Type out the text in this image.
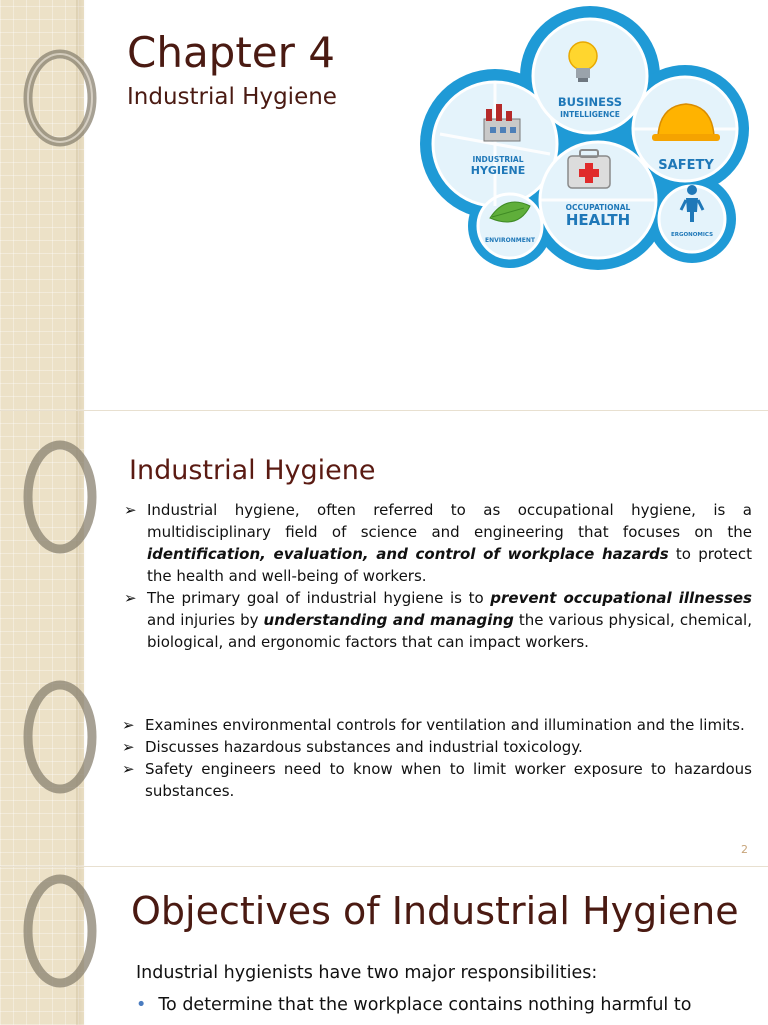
Chapter 4
Industrial Hygiene	BUSINESS
INTELLIGENCE
INDUSTRIAL
HYGIENE	SAFETY
OCCUPATIONAL
HEALTH
ENVIRONMENT
ERGONOMICS
Industrial Hygiene
➢ Industrial hygiene, often referred to as occupational hygiene, is a multidisciplinary field of science and engineering that focuses on the identification, evaluation, and control of workplace hazards to protect the health and well-being of workers.
➢ The primary goal of industrial hygiene is to prevent occupational illnesses and injuries by understanding and managing the various physical, chemical, biological, and ergonomic factors that can impact workers.
➢ Examines environmental controls for ventilation and illumination and the limits.
➢ Discusses hazardous substances and industrial toxicology.
➢ Safety engineers need to know when to limit worker exposure to hazardous substances.
2
Objectives of Industrial Hygiene
Industrial hygienists have two major responsibilities:
• To determine that the workplace contains nothing harmful to
